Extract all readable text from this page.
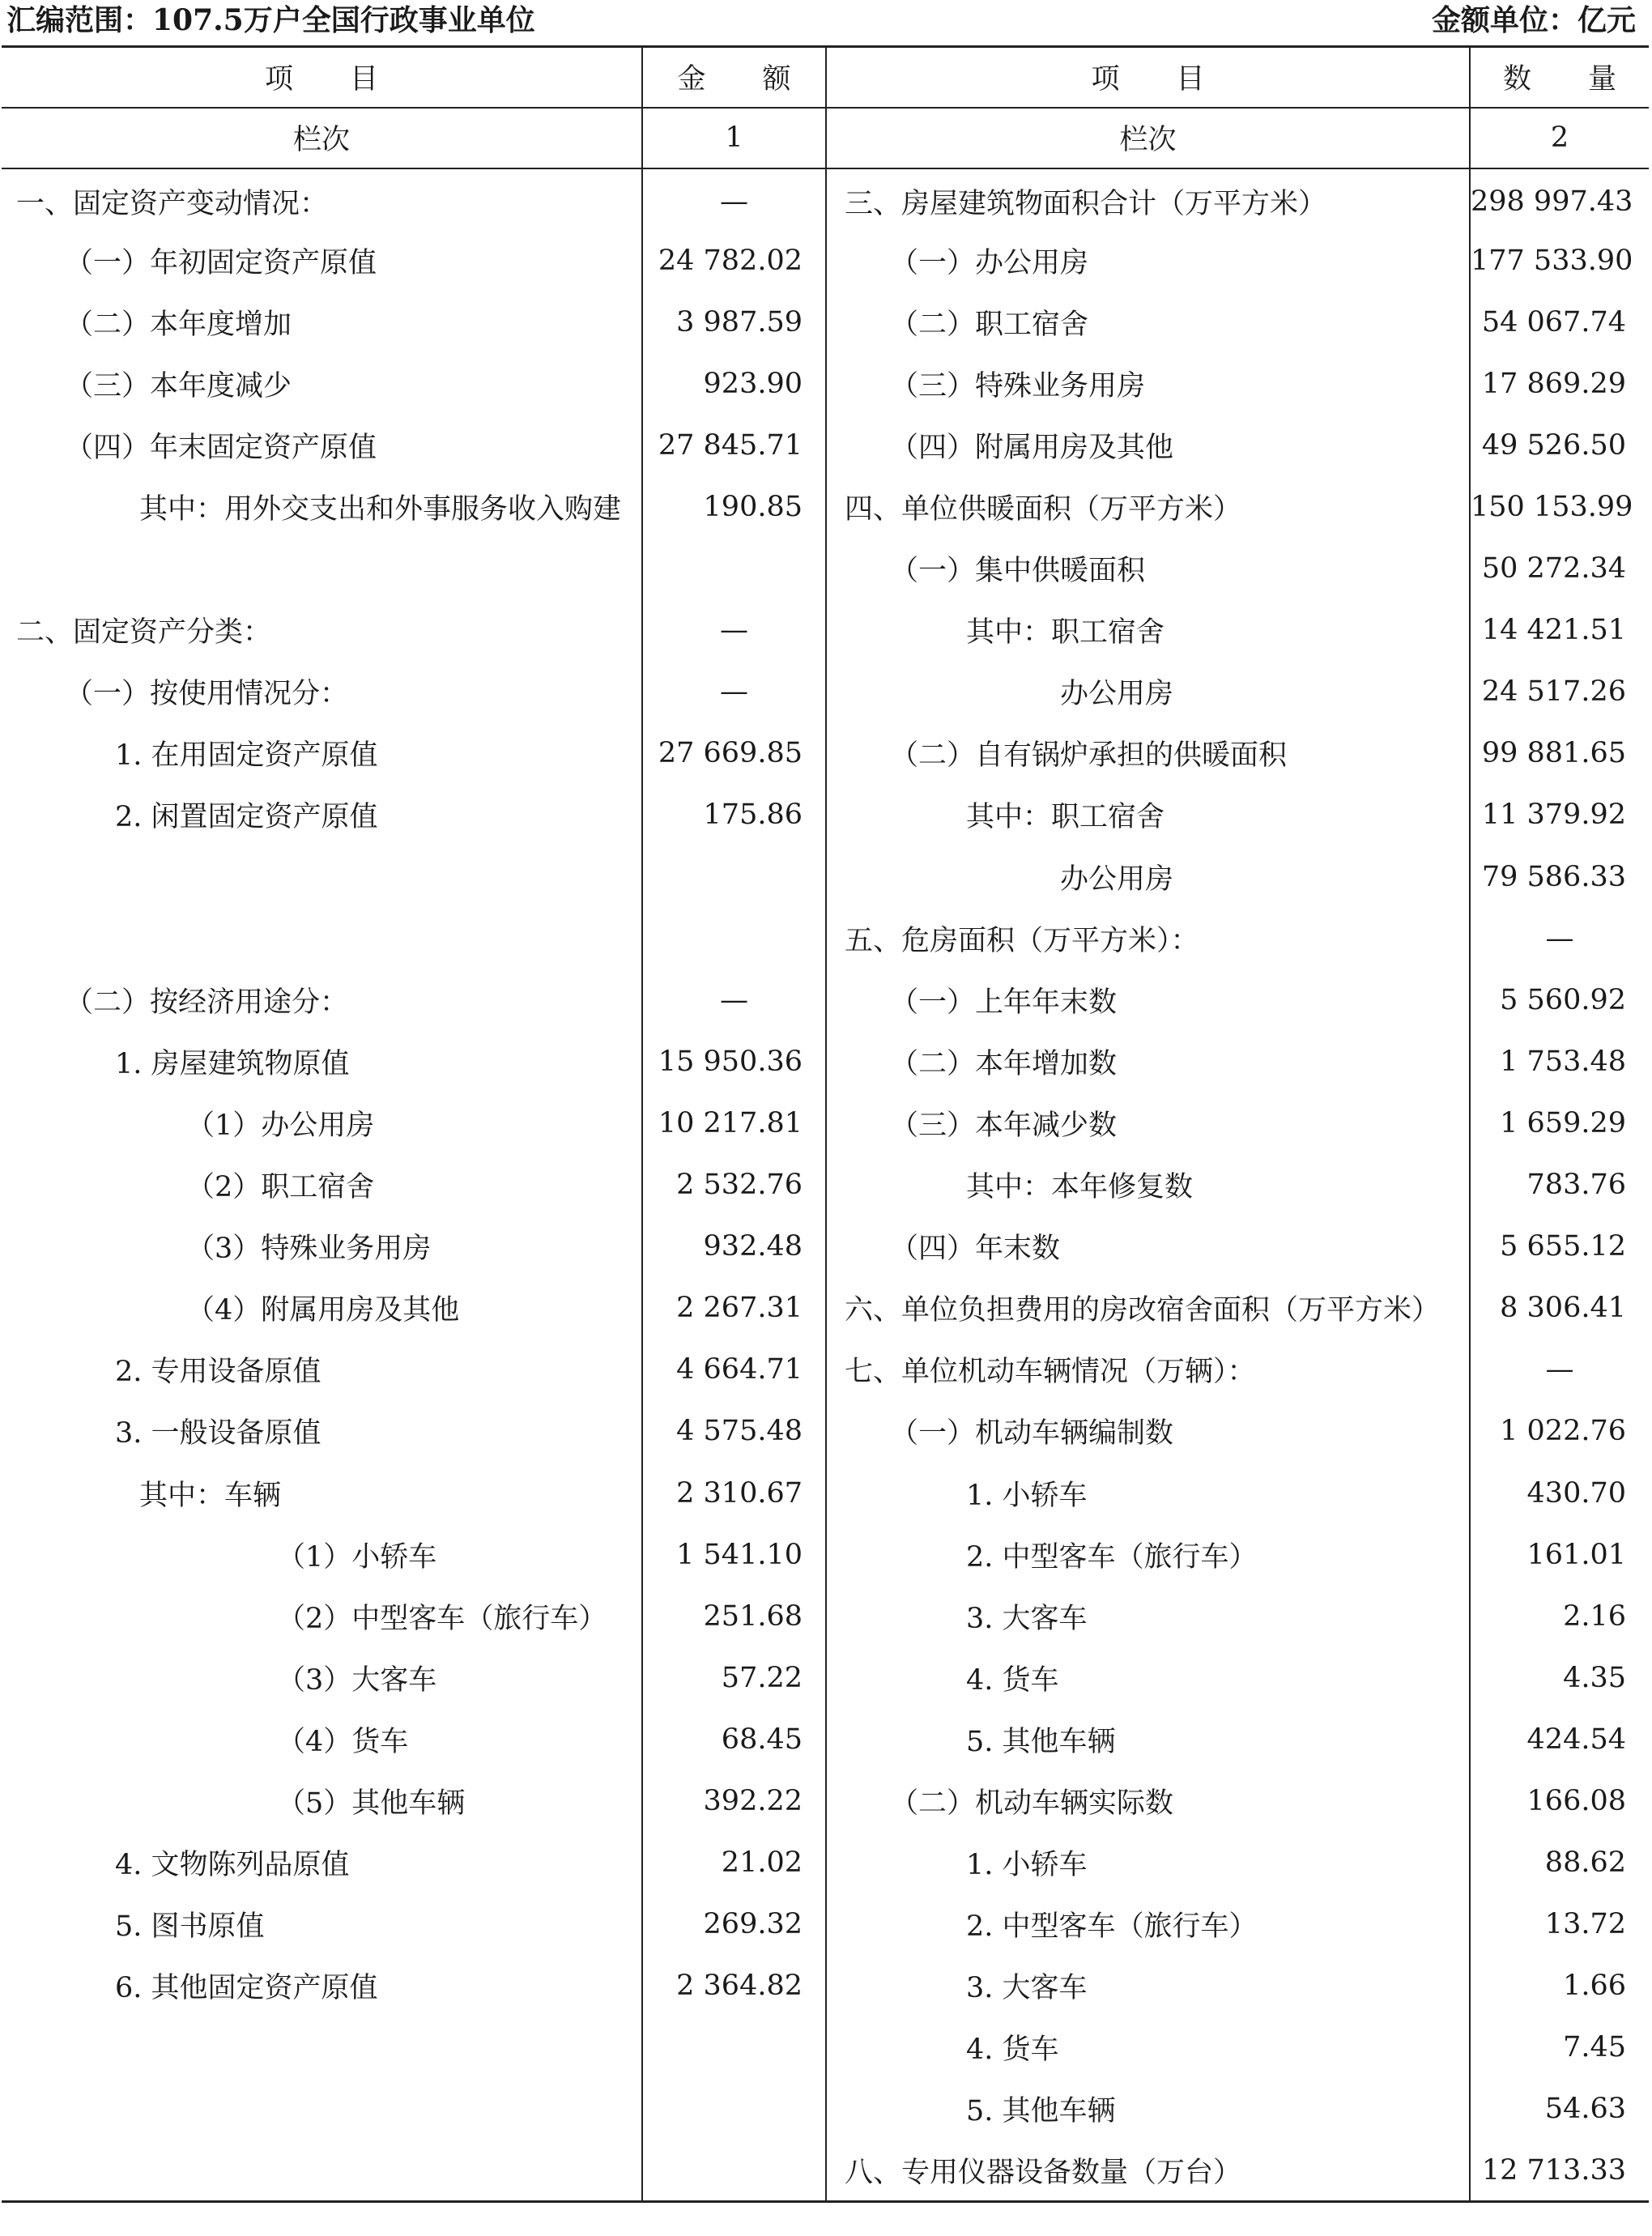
汇编范围：107.5万户全国行政事业单位	金额单位：亿元
项　　目	金　　额	项　　目	数　　量
栏次	1	栏次	2
一、固定资产变动情况：	—	三、房屋建筑物面积合计（万平方米）	298 997.43
（一）年初固定资产原值	24 782.02	（一）办公用房	177 533.90
（二）本年度增加	3 987.59	（二）职工宿舍	54 067.74
（三）本年度减少	923.90	（三）特殊业务用房	17 869.29
（四）年末固定资产原值	27 845.71	（四）附属用房及其他	49 526.50
其中：用外交支出和外事服务收入购建	190.85	四、单位供暖面积（万平方米）	150 153.99
		（一）集中供暖面积	50 272.34
二、固定资产分类：	—	其中：职工宿舍	14 421.51
（一）按使用情况分：	—	办公用房	24 517.26
1. 在用固定资产原值	27 669.85	（二）自有锅炉承担的供暖面积	99 881.65
2. 闲置固定资产原值	175.86	其中：职工宿舍	11 379.92
		办公用房	79 586.33
		五、危房面积（万平方米）：	—
（二）按经济用途分：	—	（一）上年年末数	5 560.92
1. 房屋建筑物原值	15 950.36	（二）本年增加数	1 753.48
（1）办公用房	10 217.81	（三）本年减少数	1 659.29
（2）职工宿舍	2 532.76	其中：本年修复数	783.76
（3）特殊业务用房	932.48	（四）年末数	5 655.12
（4）附属用房及其他	2 267.31	六、单位负担费用的房改宿舍面积（万平方米）	8 306.41
2. 专用设备原值	4 664.71	七、单位机动车辆情况（万辆）：	—
3. 一般设备原值	4 575.48	（一）机动车辆编制数	1 022.76
其中：车辆	2 310.67	1. 小轿车	430.70
（1）小轿车	1 541.10	2. 中型客车（旅行车）	161.01
（2）中型客车（旅行车）	251.68	3. 大客车	2.16
（3）大客车	57.22	4. 货车	4.35
（4）货车	68.45	5. 其他车辆	424.54
（5）其他车辆	392.22	（二）机动车辆实际数	166.08
4. 文物陈列品原值	21.02	1. 小轿车	88.62
5. 图书原值	269.32	2. 中型客车（旅行车）	13.72
6. 其他固定资产原值	2 364.82	3. 大客车	1.66
		4. 货车	7.45
		5. 其他车辆	54.63
		八、专用仪器设备数量（万台）	12 713.33
